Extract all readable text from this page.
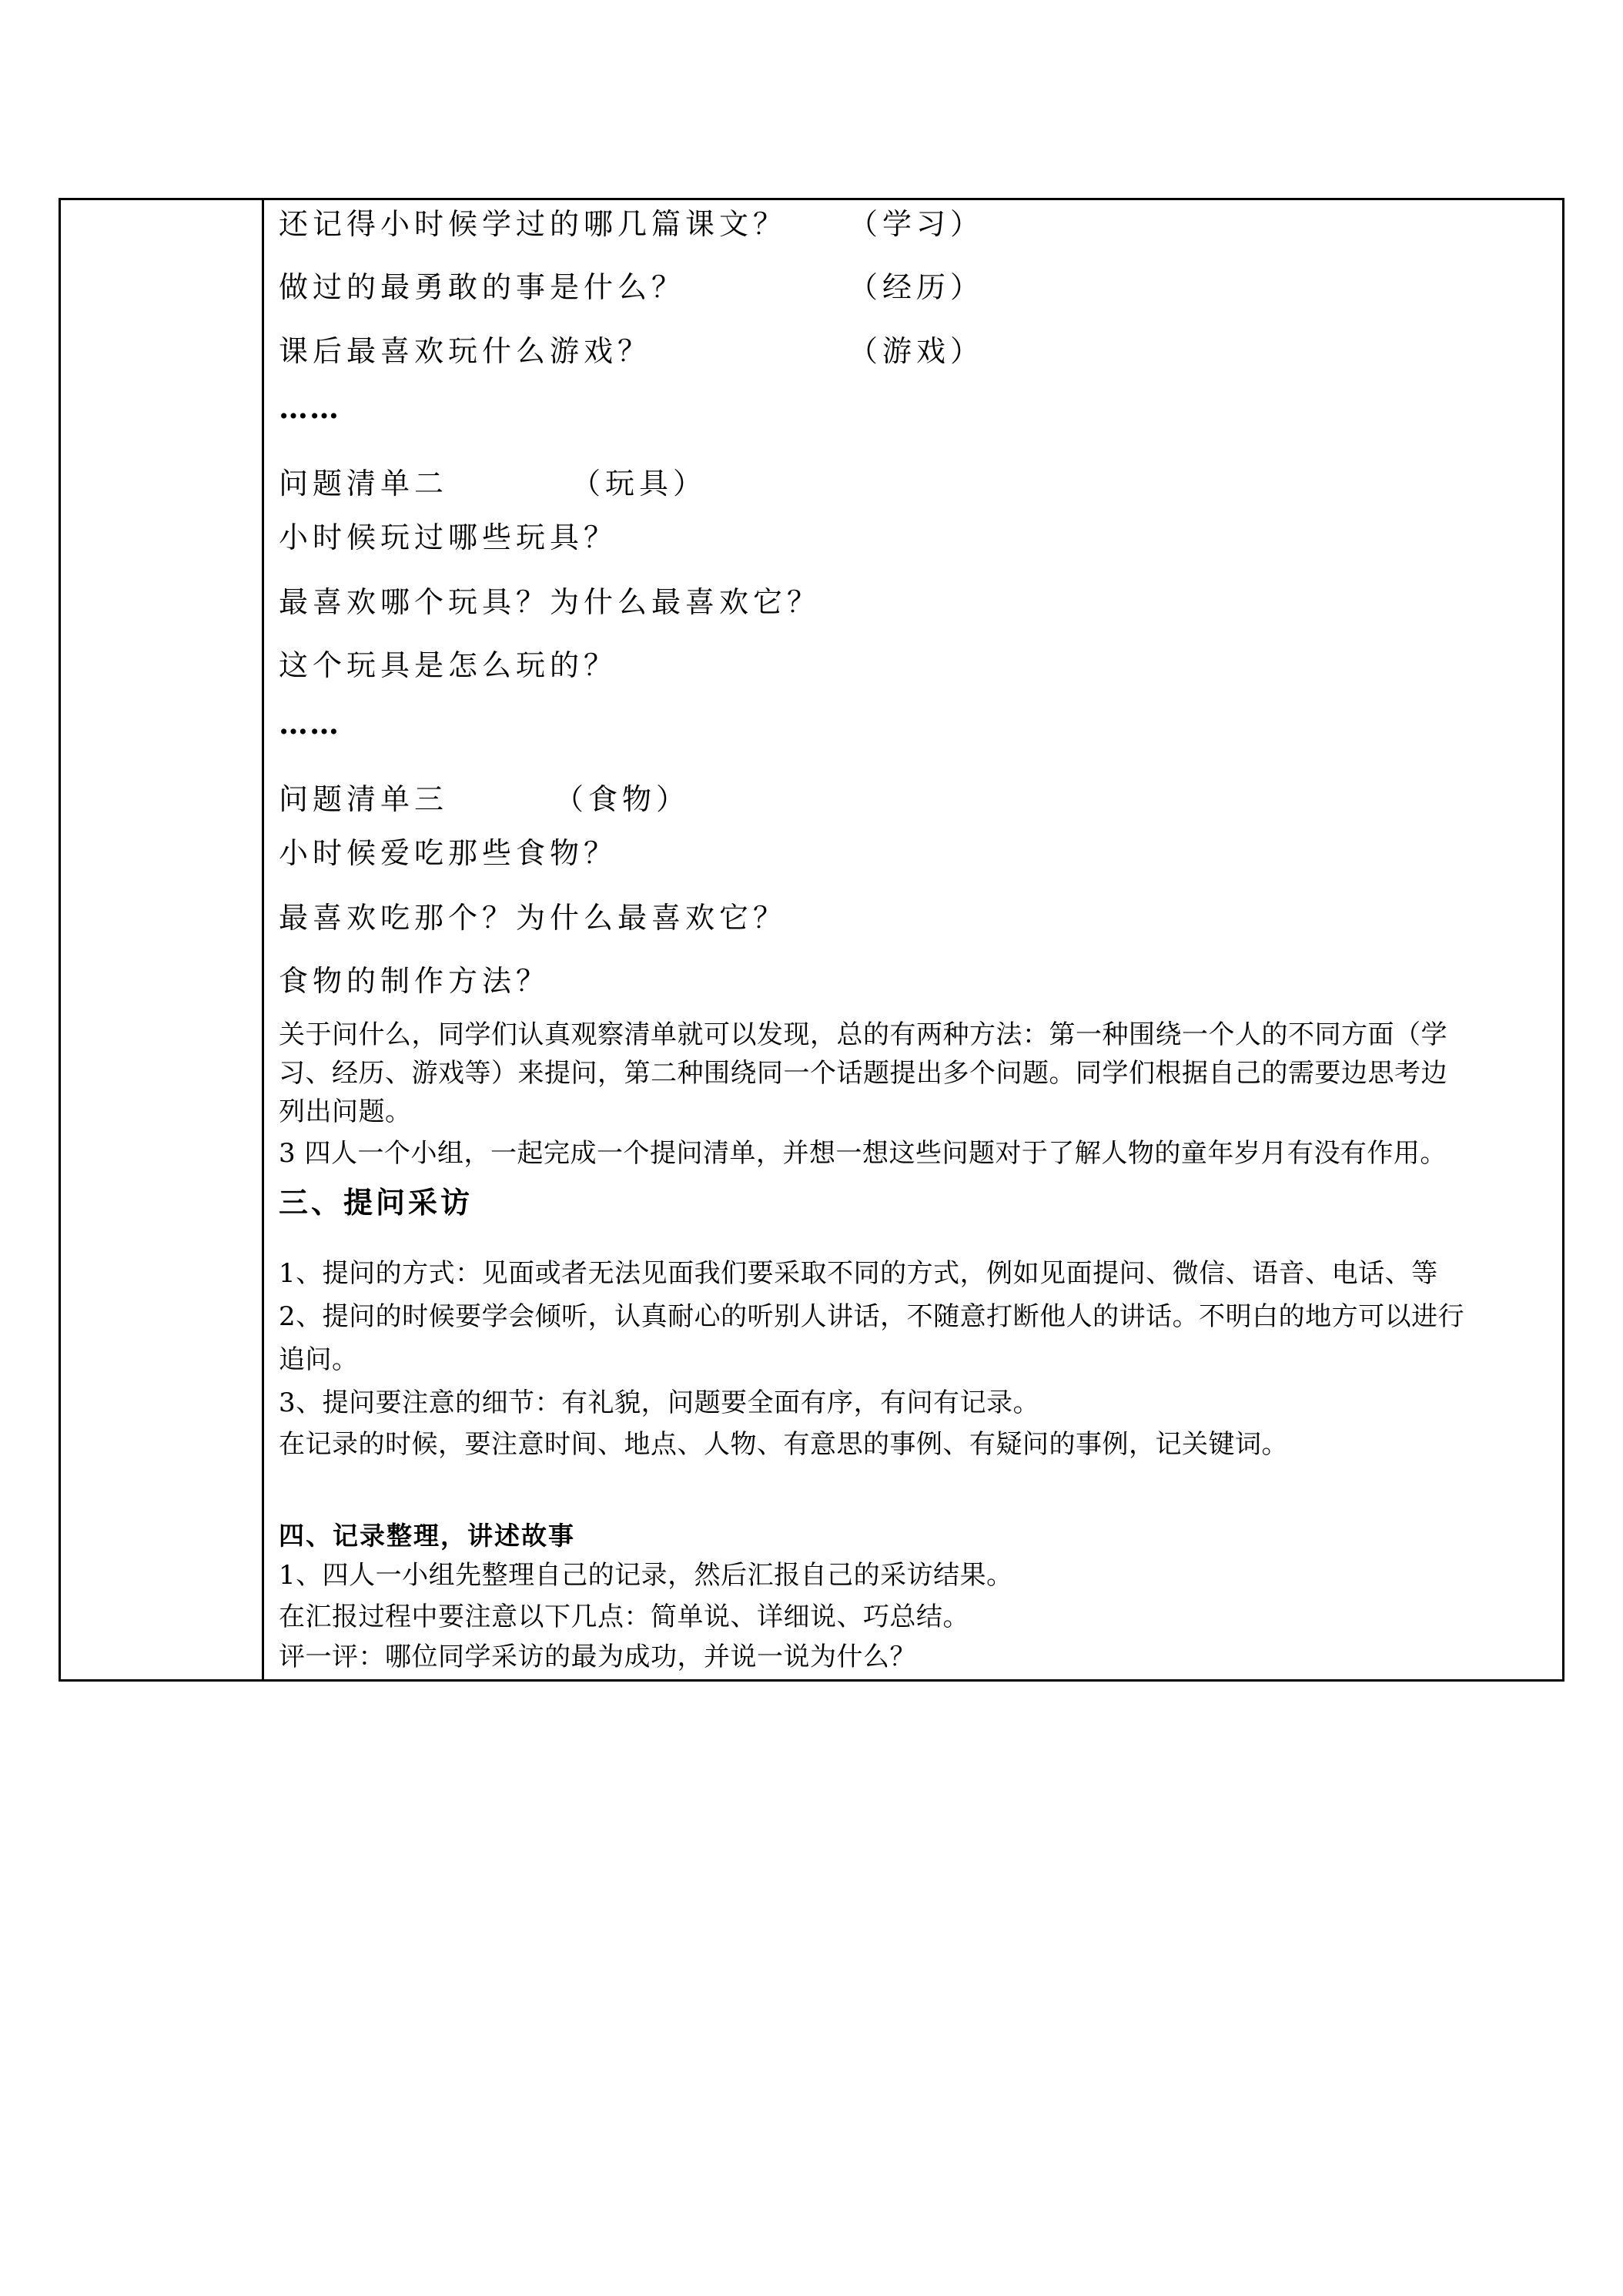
还记得小时候学过的哪几篇课文？ （学习）
做过的最勇敢的事是什么？	（经历）
课后最喜欢玩什么游戏？	（游戏）
……
问题清单二	（玩具）
小时候玩过哪些玩具？
最喜欢哪个玩具？为什么最喜欢它？
这个玩具是怎么玩的？
……
问题清单三	（食物）
小时候爱吃那些食物？
最喜欢吃那个？为什么最喜欢它？
食物的制作方法？
关于问什么，同学们认真观察清单就可以发现，总的有两种方法：第一种围绕一个人的不同方面（学
习、经历、游戏等）来提问，第二种围绕同一个话题提出多个问题。同学们根据自己的需要边思考边
列出问题。
3 四人一个小组，一起完成一个提问清单，并想一想这些问题对于了解人物的童年岁月有没有作用。
三、提问采访
1、提问的方式：见面或者无法见面我们要采取不同的方式，例如见面提问、微信、语音、电话、等
2、提问的时候要学会倾听，认真耐心的听别人讲话，不随意打断他人的讲话。不明白的地方可以进行
追问。
3、提问要注意的细节：有礼貌，问题要全面有序，有问有记录。
在记录的时候，要注意时间、地点、人物、有意思的事例、有疑问的事例，记关键词。
四、记录整理，讲述故事
1、四人一小组先整理自己的记录，然后汇报自己的采访结果。
在汇报过程中要注意以下几点：简单说、详细说、巧总结。
评一评：哪位同学采访的最为成功，并说一说为什么？
